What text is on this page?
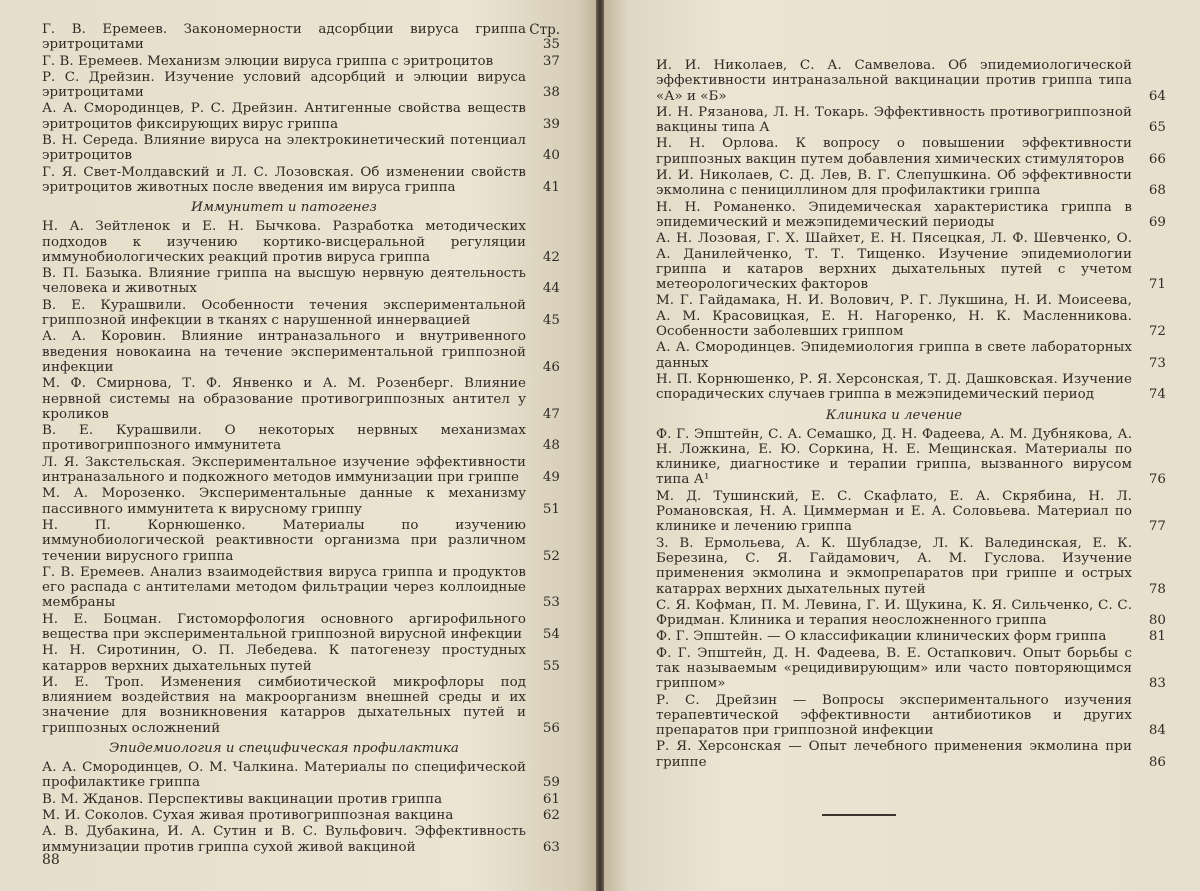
Стр.
Г. В. Еремеев. Закономерности адсорбции вируса гриппа эритроцитами	35
Г. В. Еремеев. Механизм элюции вируса гриппа с эритроцитов	37
Р. С. Дрейзин. Изучение условий адсорбций и элюции вируса эритроцитами	38
А. А. Смородинцев, Р. С. Дрейзин. Антигенные свойства веществ эритроцитов фиксирующих вирус гриппа	39
В. Н. Середа. Влияние вируса на электрокинетический потенциал эритроцитов	40
Г. Я. Свет-Молдавский и Л. С. Лозовская. Об изменении свойств эритроцитов животных после введения им вируса гриппа	41
Иммунитет и патогенез
Н. А. Зейтленок и Е. Н. Бычкова. Разработка методических подходов к изучению кортико-висцеральной регуляции иммунобиологических реакций против вируса гриппа	42
В. П. Базыка. Влияние гриппа на высшую нервную деятельность человека и животных	44
В. Е. Курашвили. Особенности течения экспериментальной гриппозной инфекции в тканях с нарушенной иннервацией	45
А. А. Коровин. Влияние интраназального и внутривенного введения новокаина на течение экспериментальной гриппозной инфекции	46
М. Ф. Смирнова, Т. Ф. Янвенко и А. М. Розенберг. Влияние нервной системы на образование противогриппозных антител у кроликов	47
В. Е. Курашвили. О некоторых нервных механизмах противогриппозного иммунитета	48
Л. Я. Закстельская. Экспериментальное изучение эффективности интраназального и подкожного методов иммунизации при гриппе	49
М. А. Морозенко. Экспериментальные данные к механизму пассивного иммунитета к вирусному гриппу	51
Н. П. Корнюшенко. Материалы по изучению иммунобиологической реактивности организма при различном течении вирусного гриппа	52
Г. В. Еремеев. Анализ взаимодействия вируса гриппа и продуктов его распада с антителами методом фильтрации через коллоидные мембраны	53
Н. Е. Боцман. Гистоморфология основного аргирофильного вещества при экспериментальной гриппозной вирусной инфекции	54
Н. Н. Сиротинин, О. П. Лебедева. К патогенезу простудных катарров верхних дыхательных путей	55
И. Е. Троп. Изменения симбиотической микрофлоры под влиянием воздействия на макроорганизм внешней среды и их значение для возникновения катарров дыхательных путей и гриппозных осложнений	56
Эпидемиология и специфическая профилактика
А. А. Смородинцев, О. М. Чалкина. Материалы по специфической профилактике гриппа	59
В. М. Жданов. Перспективы вакцинации против гриппа	61
М. И. Соколов. Сухая живая противогриппозная вакцина	62
А. В. Дубакина, И. А. Сутин и В. С. Вульфович. Эффективность иммунизации против гриппа сухой живой вакциной	63
88
И. И. Николаев, С. А. Самвелова. Об эпидемиологической эффективности интраназальной вакцинации против гриппа типа «А» и «Б»	64
И. Н. Рязанова, Л. Н. Токарь. Эффективность противогриппозной вакцины типа А	65
Н. Н. Орлова. К вопросу о повышении эффективности гриппозных вакцин путем добавления химических стимуляторов	66
И. И. Николаев, С. Д. Лев, В. Г. Слепушкина. Об эффективности экмолина с пенициллином для профилактики гриппа	68
Н. Н. Романенко. Эпидемическая характеристика гриппа в эпидемический и межэпидемический периоды	69
А. Н. Лозовая, Г. Х. Шайхет, Е. Н. Пясецкая, Л. Ф. Шевченко, О. А. Данилейченко, Т. Т. Тищенко. Изучение эпидемиологии гриппа и катаров верхних дыхательных путей с учетом метеорологических факторов	71
М. Г. Гайдамака, Н. И. Волович, Р. Г. Лукшина, Н. И. Моисеева, А. М. Красовицкая, Е. Н. Нагоренко, Н. К. Масленникова. Особенности заболевших гриппом	72
А. А. Смородинцев. Эпидемиология гриппа в свете лабораторных данных	73
Н. П. Корнюшенко, Р. Я. Херсонская, Т. Д. Дашковская. Изучение спорадических случаев гриппа в межэпидемический период	74
Клиника и лечение
Ф. Г. Эпштейн, С. А. Семашко, Д. Н. Фадеева, А. М. Дубнякова, А. Н. Ложкина, Е. Ю. Соркина, Н. Е. Мещинская. Материалы по клинике, диагностике и терапии гриппа, вызванного вирусом типа А¹	76
М. Д. Тушинский, Е. С. Скафлато, Е. А. Скрябина, Н. Л. Романовская, Н. А. Циммерман и Е. А. Соловьева. Материал по клинике и лечению гриппа	77
З. В. Ермольева, А. К. Шубладзе, Л. К. Валединская, Е. К. Березина, С. Я. Гайдамович, А. М. Гуслова. Изучение применения экмолина и экмопрепаратов при гриппе и острых катаррах верхних дыхательных путей	78
С. Я. Кофман, П. М. Левина, Г. И. Щукина, К. Я. Сильченко, С. С. Фридман. Клиника и терапия неосложненного гриппа	80
Ф. Г. Эпштейн. — О классификации клинических форм гриппа	81
Ф. Г. Эпштейн, Д. Н. Фадеева, В. Е. Остапкович. Опыт борьбы с так называемым «рецидивирующим» или часто повторяющимся гриппом»	83
Р. С. Дрейзин — Вопросы экспериментального изучения терапевтической эффективности антибиотиков и других препаратов при гриппозной инфекции	84
Р. Я. Херсонская — Опыт лечебного применения экмолина при гриппе	86
